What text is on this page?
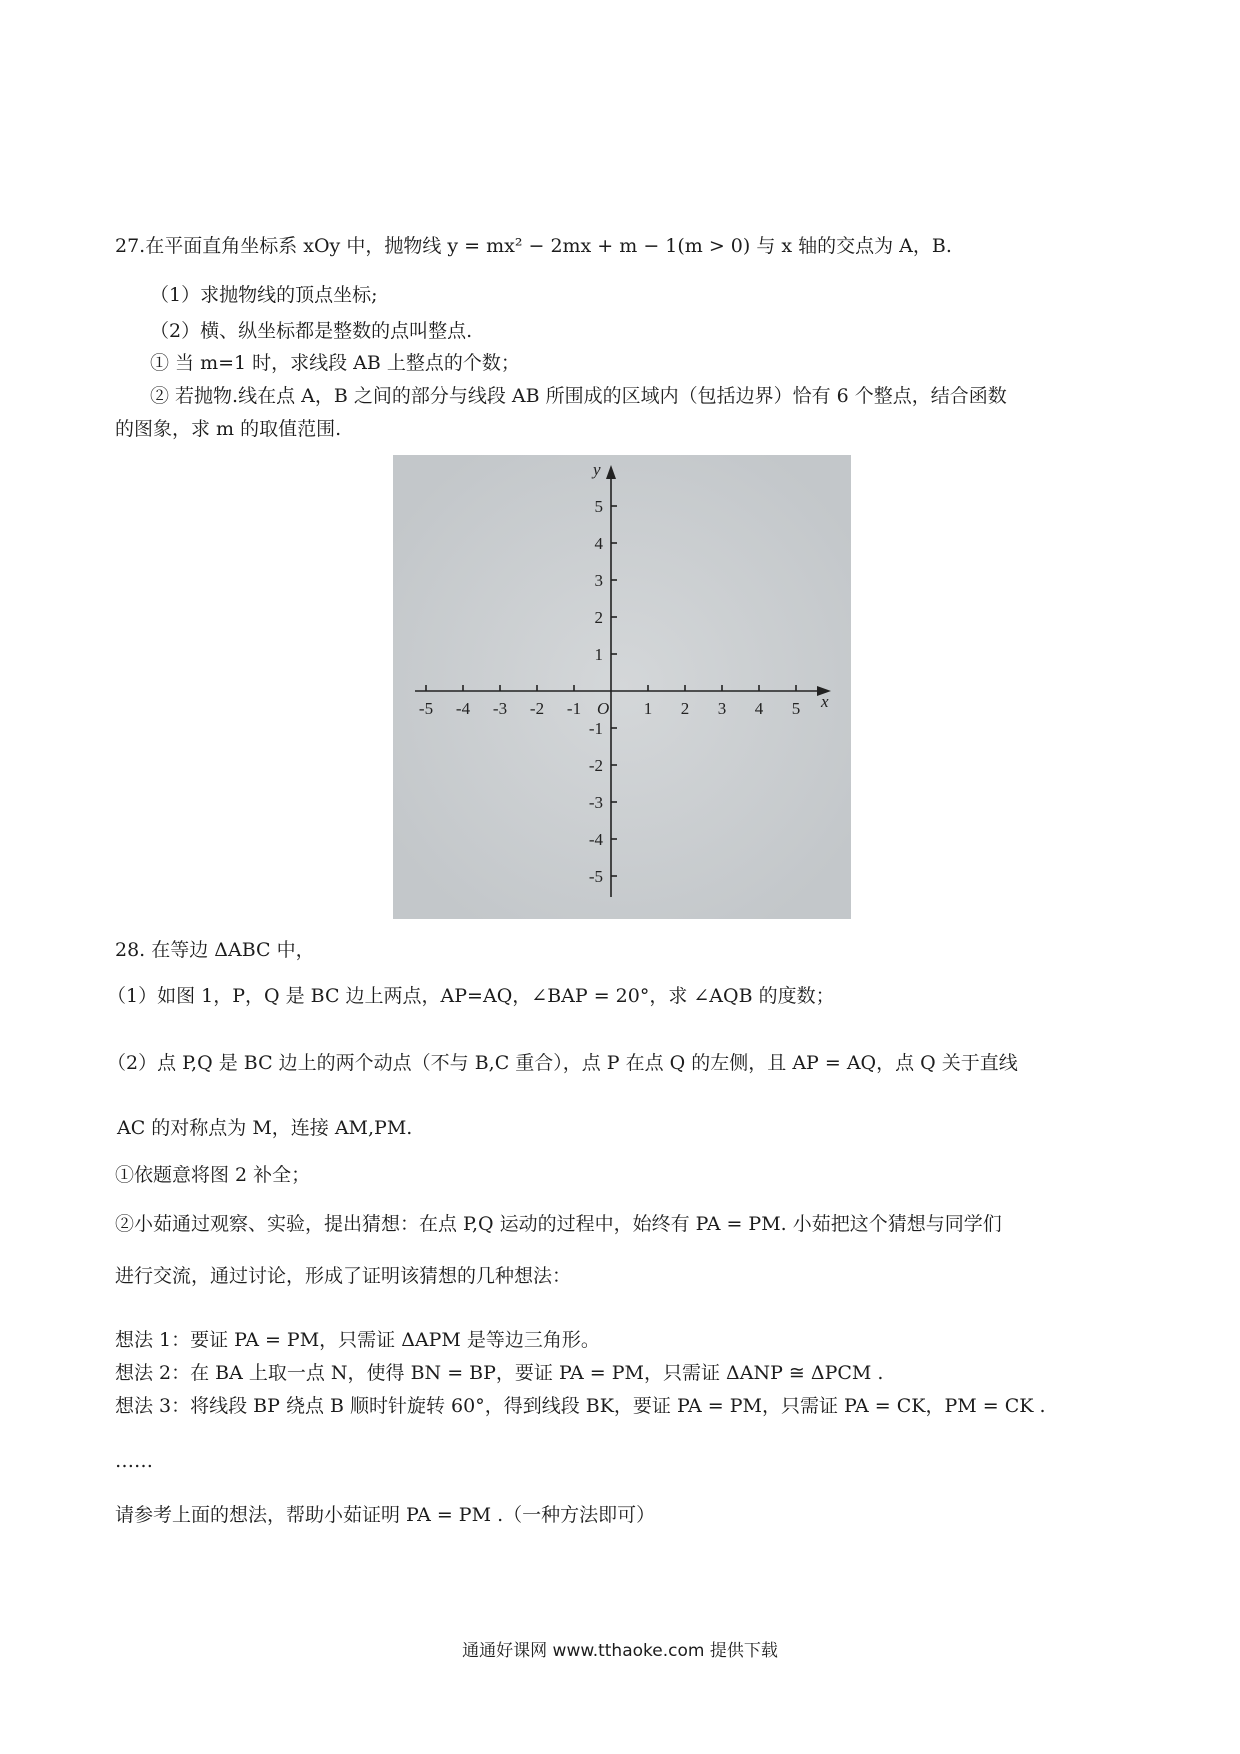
27.在平面直角坐标系 xOy 中，抛物线 y = mx² − 2mx + m − 1(m > 0) 与 x 轴的交点为 A，B.
（1）求抛物线的顶点坐标;
（2）横、纵坐标都是整数的点叫整点.
① 当 m=1 时，求线段 AB 上整点的个数；
② 若抛物.线在点 A，B 之间的部分与线段 AB 所围成的区域内（包括边界）恰有 6 个整点，结合函数
的图象，求 m 的取值范围.
-5 -4 -3 -2 -1	1 2 3 4 5
5
4
3
2
1
-1
-2
-3
-4
-5
O	x
y
28. 在等边 ΔABC 中，
（1）如图 1，P，Q 是 BC 边上两点，AP=AQ，∠BAP = 20°，求 ∠AQB 的度数；
（2）点 P,Q 是 BC 边上的两个动点（不与 B,C 重合），点 P 在点 Q 的左侧，且 AP = AQ，点 Q 关于直线
AC 的对称点为 M，连接 AM,PM.
①依题意将图 2 补全；
②小茹通过观察、实验，提出猜想：在点 P,Q 运动的过程中，始终有 PA = PM. 小茹把这个猜想与同学们
进行交流，通过讨论，形成了证明该猜想的几种想法：
想法 1：要证 PA = PM，只需证 ΔAPM 是等边三角形。
想法 2：在 BA 上取一点 N，使得 BN = BP，要证 PA = PM，只需证 ΔANP ≅ ΔPCM .
想法 3：将线段 BP 绕点 B 顺时针旋转 60°，得到线段 BK，要证 PA = PM，只需证 PA = CK，PM = CK .
……
请参考上面的想法，帮助小茹证明 PA = PM .（一种方法即可）
通通好课网 www.tthaoke.com 提供下载
